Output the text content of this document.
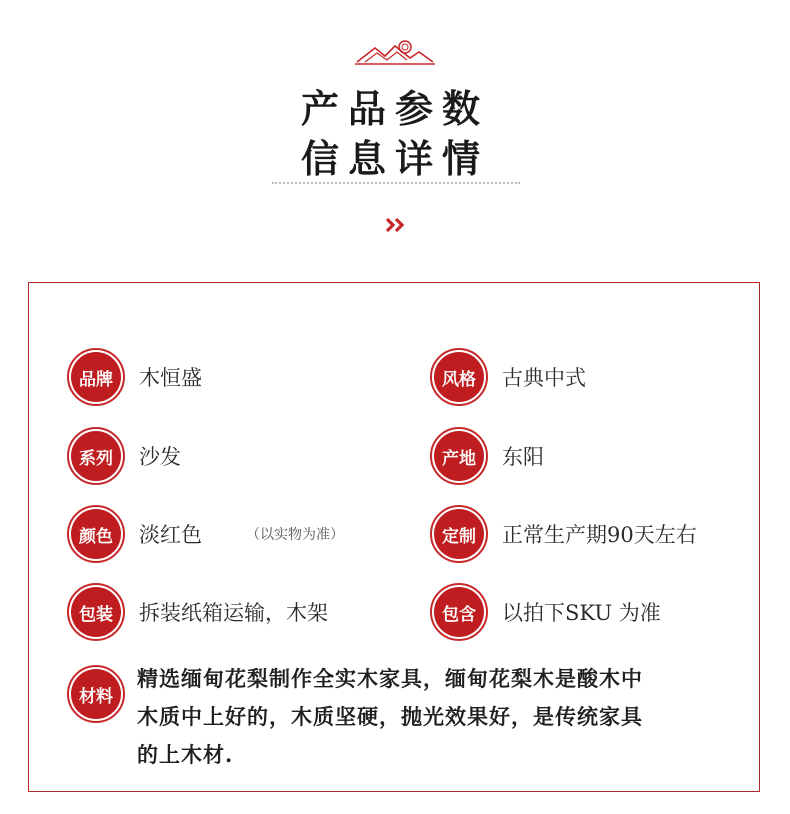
产品参数
信息详情
品牌	木恒盛	风格	古典中式
系列	沙发	产地	东阳
颜色	淡红色	（以实物为准）	定制	正常生产期90天左右
包装	拆装纸箱运输，木架	包含	以拍下SKU 为准
材料
精选缅甸花梨制作全实木家具，缅甸花梨木是酸木中
木质中上好的，木质坚硬，抛光效果好，是传统家具
的上木材.
